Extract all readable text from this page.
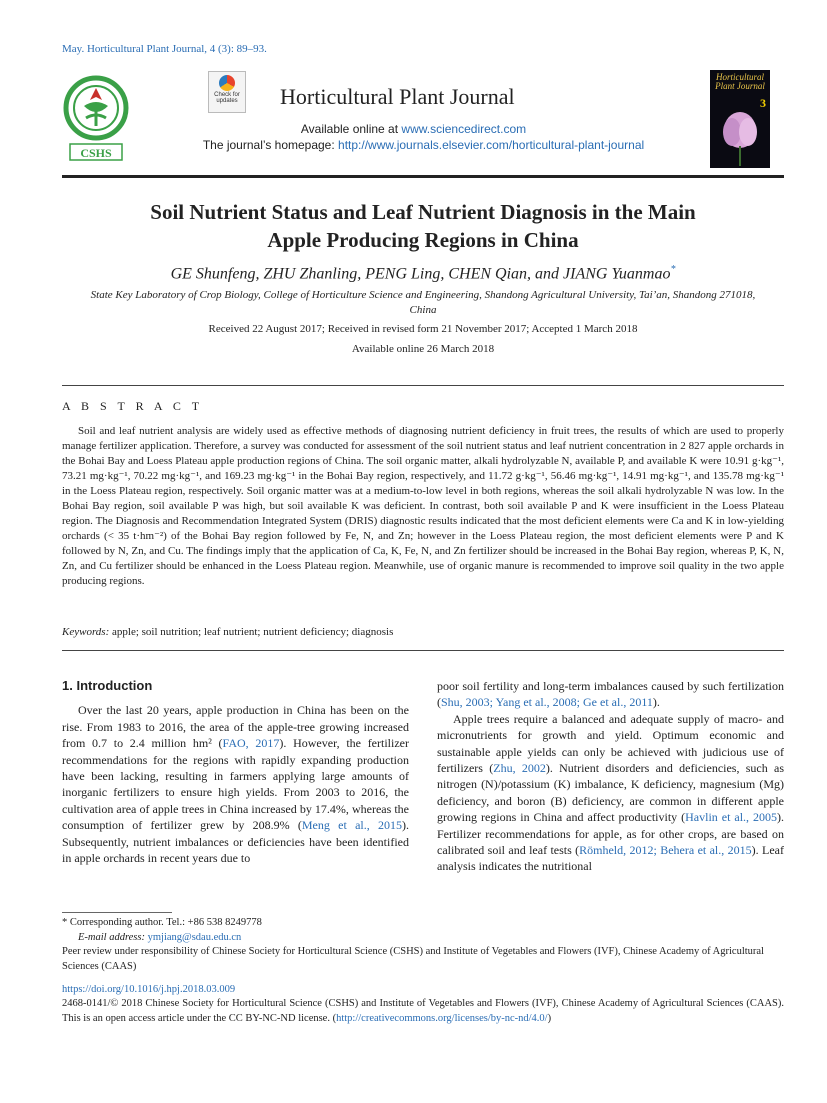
May. Horticultural Plant Journal, 4 (3): 89–93.
CSHS
Check for updates	Horticultural Plant Journal
Available online at www.sciencedirect.com
The journal’s homepage: http://www.journals.elsevier.com/horticultural-plant-journal
Horticultural Plant Journal
3
Soil Nutrient Status and Leaf Nutrient Diagnosis in the Main
Apple Producing Regions in China
GE Shunfeng, ZHU Zhanling, PENG Ling, CHEN Qian, and JIANG Yuanmao*
State Key Laboratory of Crop Biology, College of Horticulture Science and Engineering, Shandong Agricultural University, Tai’an, Shandong 271018,
China
Received 22 August 2017; Received in revised form 21 November 2017; Accepted 1 March 2018
Available online 26 March 2018
A B S T R A C T
Soil and leaf nutrient analysis are widely used as effective methods of diagnosing nutrient deficiency in fruit trees, the results of which are used to properly manage fertilizer application. Therefore, a survey was conducted for assessment of the soil nutrient status and leaf nutrient concentration in 2 827 apple orchards in the Bohai Bay and Loess Plateau apple production regions of China. The soil organic matter, alkali hydrolyzable N, available P, and available K were 10.91 g·kg⁻¹, 73.21 mg·kg⁻¹, 70.22 mg·kg⁻¹, and 169.23 mg·kg⁻¹ in the Bohai Bay region, respectively, and 11.72 g·kg⁻¹, 56.46 mg·kg⁻¹, 14.91 mg·kg⁻¹, and 135.78 mg·kg⁻¹ in the Loess Plateau region, respectively. Soil organic matter was at a medium-to-low level in both regions, whereas the soil alkali hydrolyzable N was low. In the Bohai Bay region, soil available P was high, but soil available K was deficient. In contrast, both soil available P and K were insufficient in the Loess Plateau region. The Diagnosis and Recommendation Integrated System (DRIS) diagnostic results indicated that the most deficient elements were Ca and K in low-yielding orchards (< 35 t·hm⁻²) of the Bohai Bay region followed by Fe, N, and Zn; however in the Loess Plateau region, the most deficient elements were P and K followed by N, Zn, and Cu. The findings imply that the application of Ca, K, Fe, N, and Zn fertilizer should be increased in the Bohai Bay region, whereas P, K, N, Zn, and Cu fertilizer should be enhanced in the Loess Plateau region. Meanwhile, use of organic manure is recommended to improve soil quality in the two apple producing regions.
Keywords: apple; soil nutrition; leaf nutrient; nutrient deficiency; diagnosis
1. Introduction

Over the last 20 years, apple production in China has been on the rise. From 1983 to 2016, the area of the apple-tree growing increased from 0.7 to 2.4 million hm² (FAO, 2017). However, the fertilizer recommendations for the regions with rapidly expanding production have been lacking, resulting in farmers applying large amounts of inorganic fertilizers to ensure high yields. From 2003 to 2016, the cultivation area of apple trees in China increased by 17.4%, whereas the consumption of fertilizer grew by 208.9% (Meng et al., 2015). Subsequently, nutrient imbalances or deficiencies have been identified in apple orchards in recent years due to

poor soil fertility and long-term imbalances caused by such fertilization (Shu, 2003; Yang et al., 2008; Ge et al., 2011).

Apple trees require a balanced and adequate supply of macro- and micronutrients for growth and yield. Optimum economic and sustainable apple yields can only be achieved with judicious use of fertilizers (Zhu, 2002). Nutrient disorders and deficiencies, such as nitrogen (N)/potassium (K) imbalance, K deficiency, magnesium (Mg) deficiency, and boron (B) deficiency, are common in different apple growing regions in China and affect productivity (Havlin et al., 2005). Fertilizer recommendations for apple, as for other crops, are based on calibrated soil and leaf tests (Römheld, 2012; Behera et al., 2015). Leaf analysis indicates the nutritional

* Corresponding author. Tel.: +86 538 8249778
E-mail address: ymjiang@sdau.edu.cn
Peer review under responsibility of Chinese Society for Horticultural Science (CSHS) and Institute of Vegetables and Flowers (IVF), Chinese Academy of Agricultural Sciences (CAAS)
https://doi.org/10.1016/j.hpj.2018.03.009
2468-0141/© 2018 Chinese Society for Horticultural Science (CSHS) and Institute of Vegetables and Flowers (IVF), Chinese Academy of Agricultural Sciences (CAAS). This is an open access article under the CC BY-NC-ND license. (http://creativecommons.org/licenses/by-nc-nd/4.0/)
